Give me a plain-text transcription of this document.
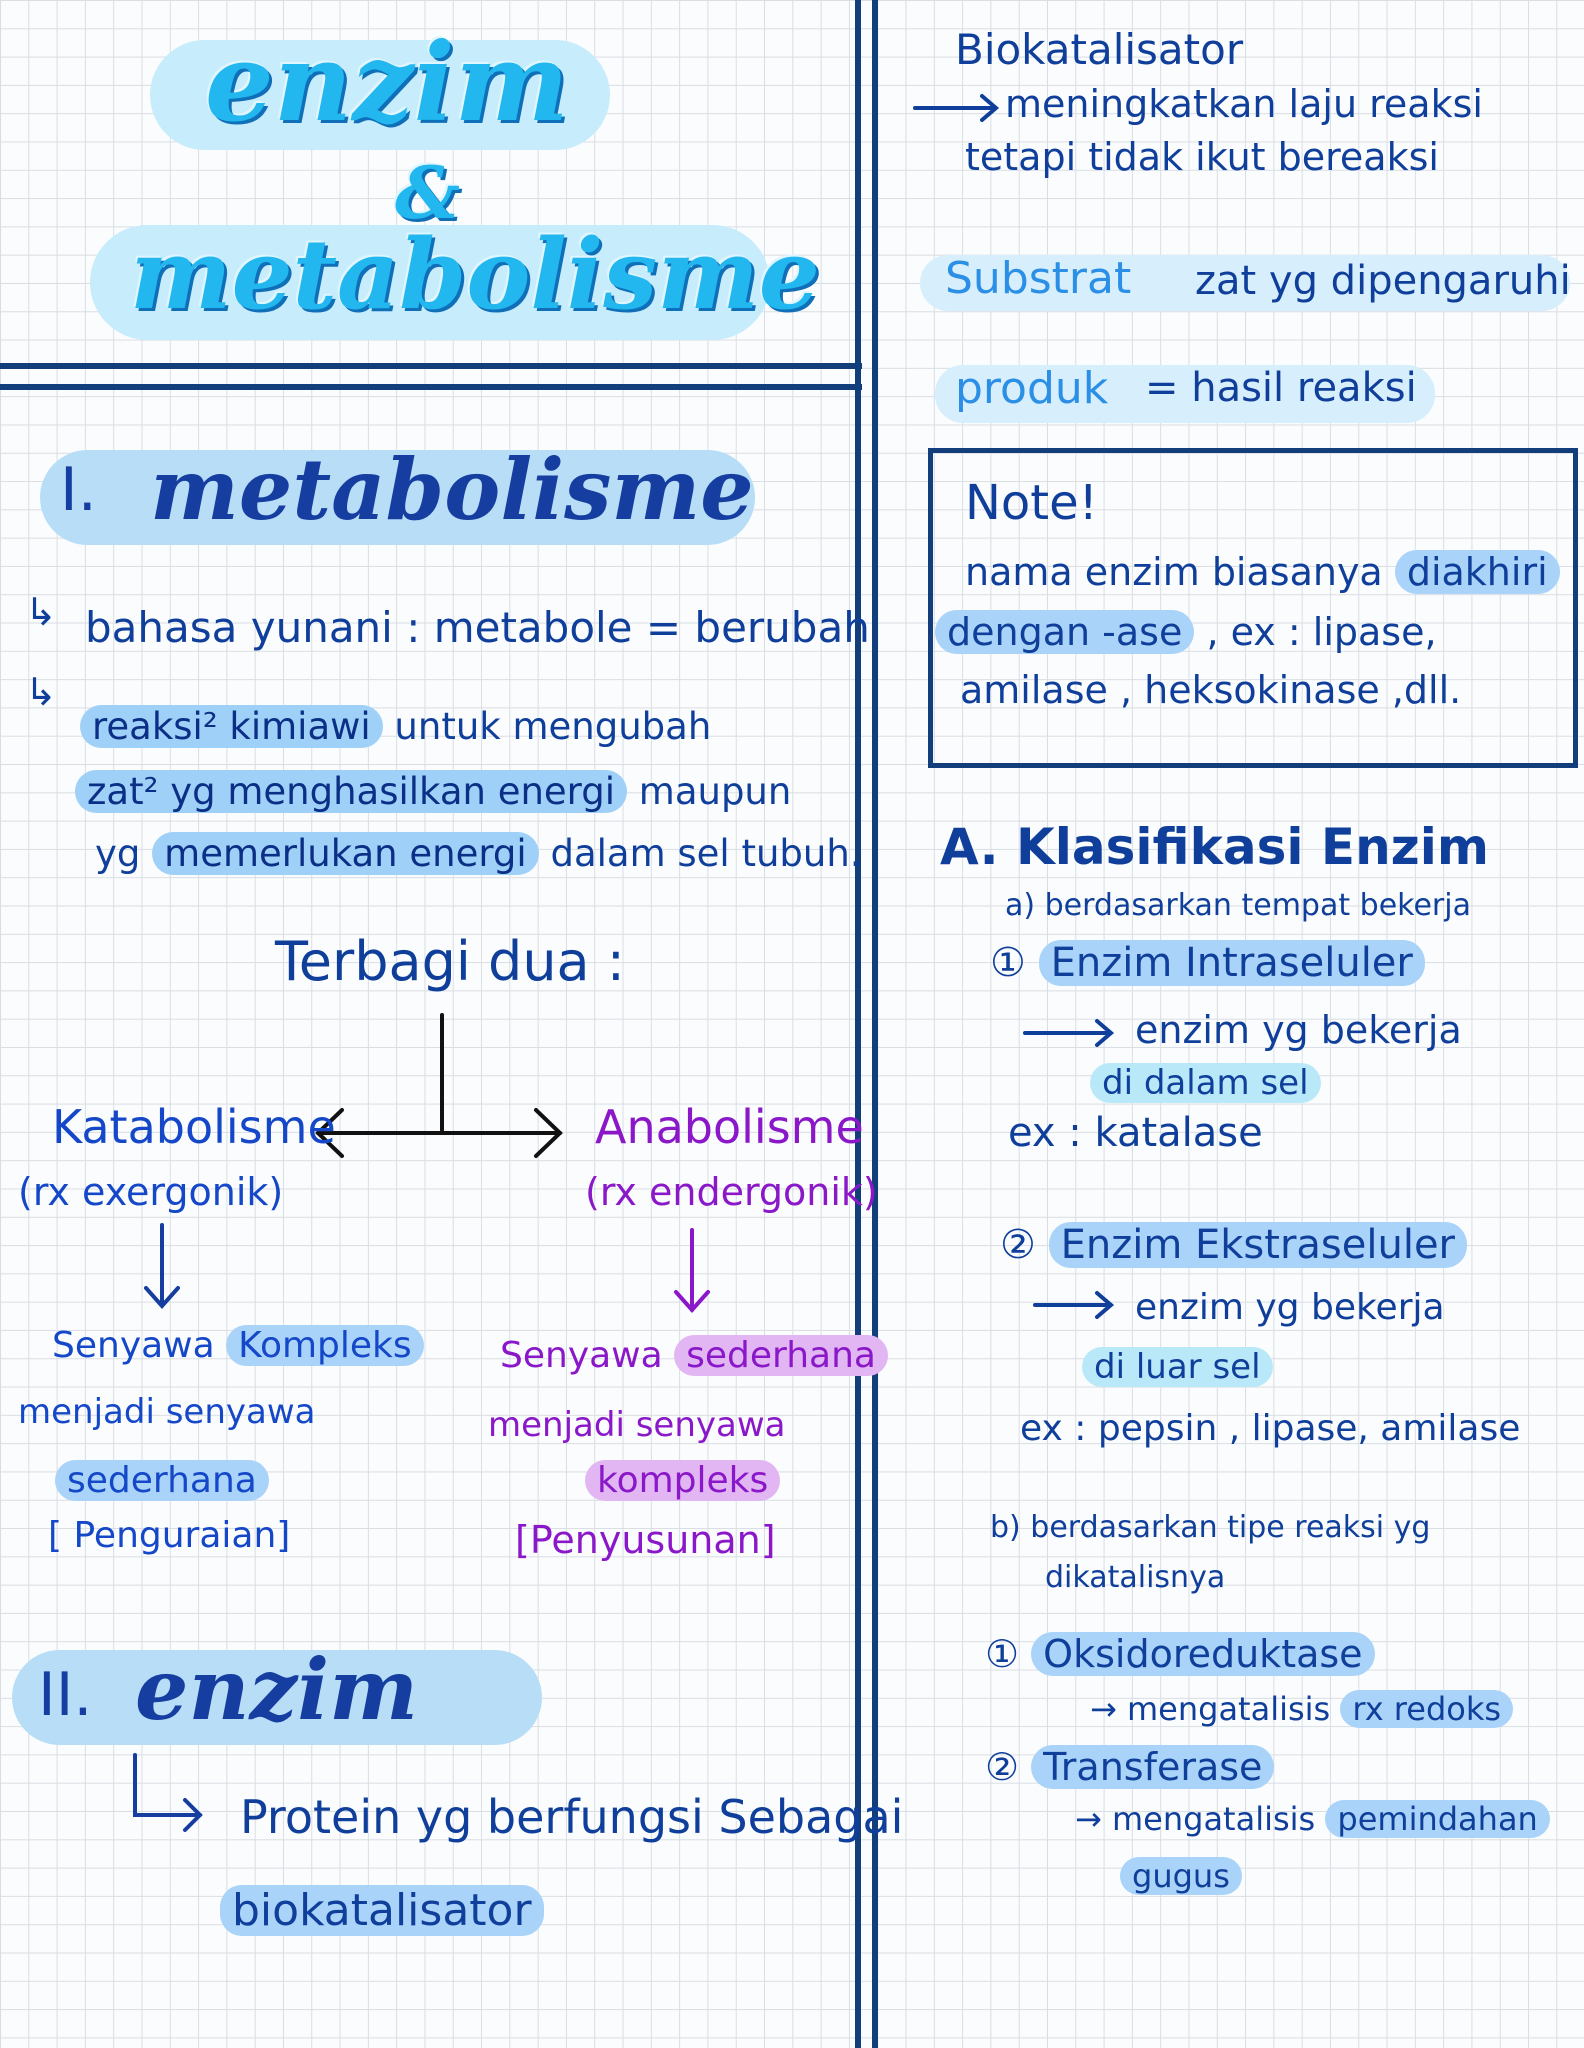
enzim
&
metabolisme
I. metabolisme
↳ bahasa yunani : metabole = berubah
↳
reaksi² kimiawi untuk mengubah
zat² yg menghasilkan energi maupun
yg memerlukan energi dalam sel tubuh.
Terbagi dua :
Katabolisme
(rx exergonik)
Senyawa Kompleks
menjadi senyawa
sederhana
[ Penguraian]
Anabolisme
(rx endergonik)
Senyawa sederhana
menjadi senyawa
kompleks
[Penyusunan]
II. enzim
Protein yg berfungsi Sebagai
biokatalisator
Biokatalisator
meningkatkan laju reaksi
tetapi tidak ikut bereaksi
Substrat zat yg dipengaruhi
produk = hasil reaksi
Note!
nama enzim biasanya diakhiri
dengan -ase , ex : lipase,
amilase , heksokinase ,dll.
A. Klasifikasi Enzim
a) berdasarkan tempat bekerja
① Enzim Intraseluler
enzim yg bekerja
di dalam sel
ex : katalase
② Enzim Ekstraseluler
enzim yg bekerja
di luar sel
ex : pepsin , lipase, amilase
b) berdasarkan tipe reaksi yg
dikatalisnya
① Oksidoreduktase
→ mengatalisis rx redoks
② Transferase
→ mengatalisis pemindahan
gugus
